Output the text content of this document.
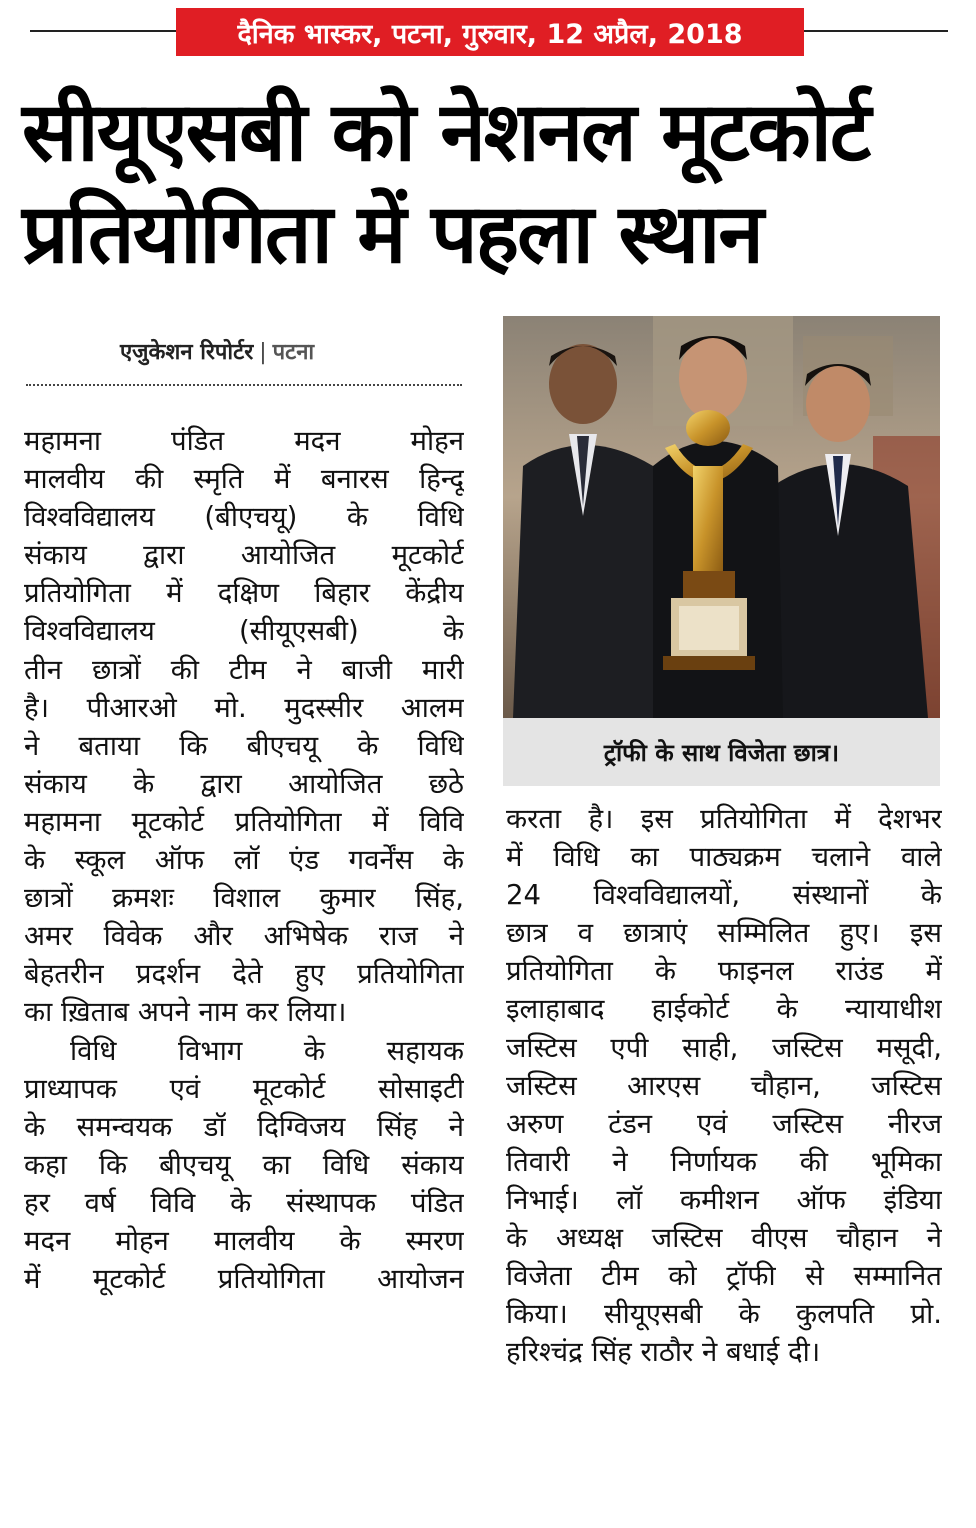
दैनिक भास्कर, पटना, गुरुवार, 12 अप्रैल, 2018
सीयूएसबी को नेशनल मूटकोर्ट
प्रतियोगिता में पहला स्थान
एजुकेशन रिपोर्टर | पटना
महामना पंडित मदन मोहन
मालवीय की स्मृति में बनारस हिन्दू
विश्वविद्यालय (बीएचयू) के विधि
संकाय द्वारा आयोजित मूटकोर्ट
प्रतियोगिता में दक्षिण बिहार केंद्रीय
विश्वविद्यालय (सीयूएसबी) के
तीन छात्रों की टीम ने बाजी मारी
है। पीआरओ मो. मुदस्सीर आलम
ने बताया कि बीएचयू के विधि
संकाय के द्वारा आयोजित छठे
महामना मूटकोर्ट प्रतियोगिता में विवि
के स्कूल ऑफ लॉ एंड गवर्नेंस के
छात्रों क्रमशः विशाल कुमार सिंह,
अमर विवेक और अभिषेक राज ने
बेहतरीन प्रदर्शन देते हुए प्रतियोगिता
का ख़िताब अपने नाम कर लिया।
विधि विभाग के सहायक
प्राध्यापक एवं मूटकोर्ट सोसाइटी
के समन्वयक डॉ दिग्विजय सिंह ने
कहा कि बीएचयू का विधि संकाय
हर वर्ष विवि के संस्थापक पंडित
मदन मोहन मालवीय के स्मरण
में मूटकोर्ट प्रतियोगिता आयोजन
ट्रॉफी के साथ विजेता छात्र।
करता है। इस प्रतियोगिता में देशभर
में विधि का पाठ्यक्रम चलाने वाले
24 विश्वविद्यालयों, संस्थानों के
छात्र व छात्राएं सम्मिलित हुए। इस
प्रतियोगिता के फाइनल राउंड में
इलाहाबाद हाईकोर्ट के न्यायाधीश
जस्टिस एपी साही, जस्टिस मसूदी,
जस्टिस आरएस चौहान, जस्टिस
अरुण टंडन एवं जस्टिस नीरज
तिवारी ने निर्णायक की भूमिका
निभाई। लॉ कमीशन ऑफ इंडिया
के अध्यक्ष जस्टिस वीएस चौहान ने
विजेता टीम को ट्रॉफी से सम्मानित
किया। सीयूएसबी के कुलपति प्रो.
हरिश्चंद्र सिंह राठौर ने बधाई दी।
